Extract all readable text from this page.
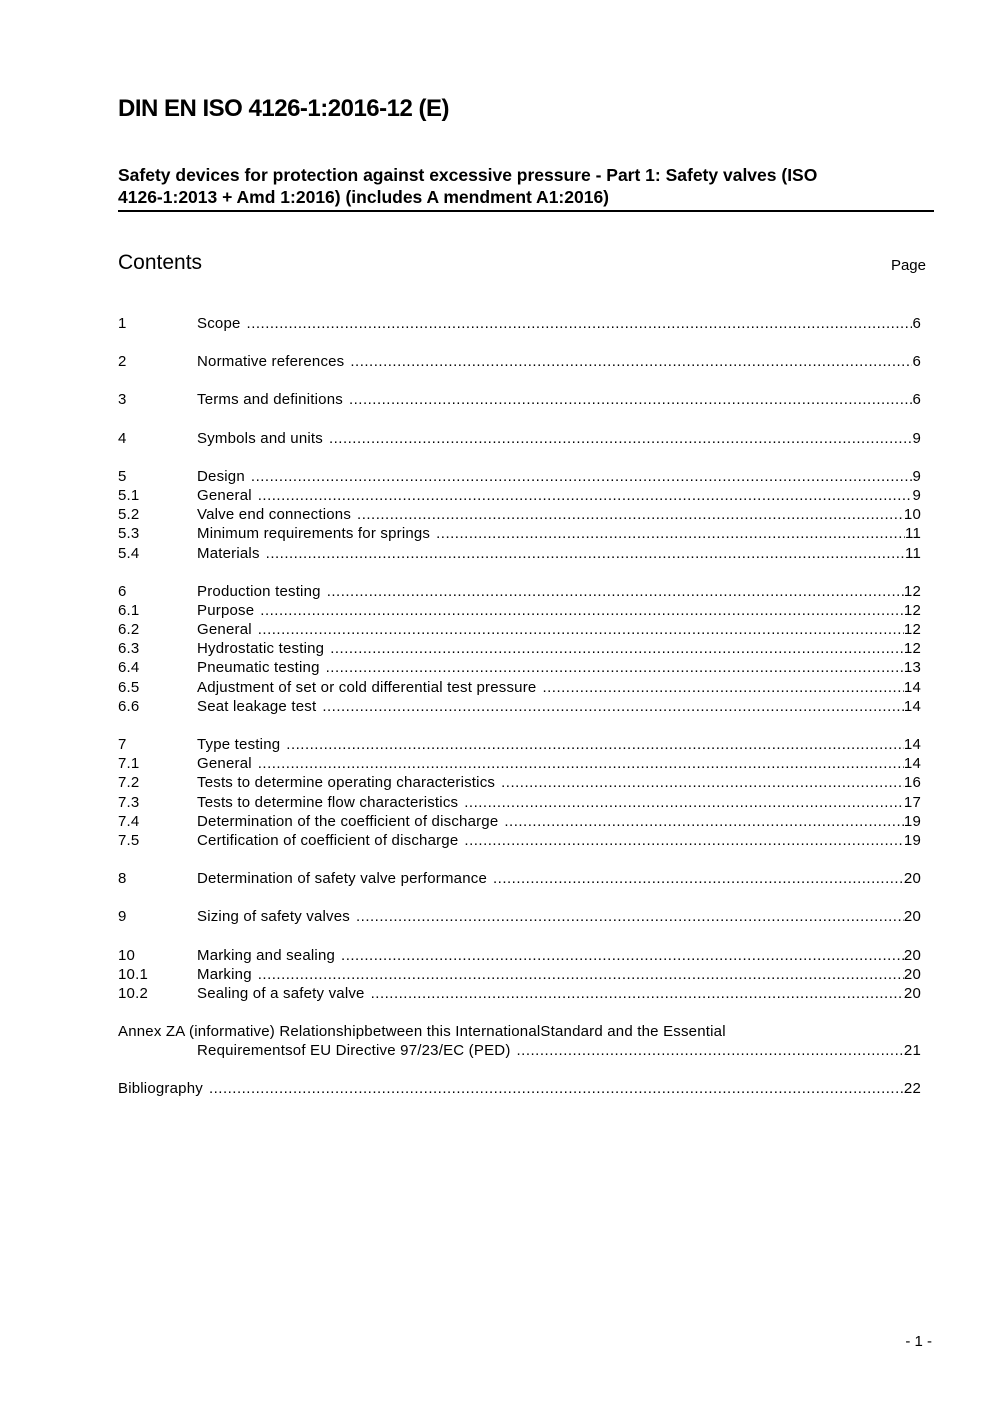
DIN EN ISO 4126-1:2016-12 (E)
Safety devices for protection against excessive pressure - Part 1: Safety valves (ISO
4126-1:2013 + Amd 1:2016) (includes A mendment A1:2016)
Contents	Page
1	Scope .....	6
2	Normative references .....	6
3	Terms and definitions .....	6
4	Symbols and units .....	9
5	Design .....	9
5.1	General .....	9
5.2	Valve end connections .....	10
5.3	Minimum requirements for springs .....	11
5.4	Materials .....	11
6	Production testing .....	12
6.1	Purpose .....	12
6.2	General .....	12
6.3	Hydrostatic testing .....	12
6.4	Pneumatic testing .....	13
6.5	Adjustment of set or cold differential test pressure .....	14
6.6	Seat leakage test .....	14
7	Type testing .....	14
7.1	General .....	14
7.2	Tests to determine operating characteristics .....	16
7.3	Tests to determine flow characteristics .....	17
7.4	Determination of the coefficient of discharge .....	19
7.5	Certification of coefficient of discharge .....	19
8	Determination of safety valve performance .....	20
9	Sizing of safety valves .....	20
10	Marking and sealing .....	20
10.1	Marking .....	20
10.2	Sealing of a safety valve .....	20
Annex ZA (informative) Relationshipbetween this InternationalStandard and the Essential
Requirementsof EU Directive 97/23/EC (PED) .....	21
Bibliography .....	22
- 1 -
